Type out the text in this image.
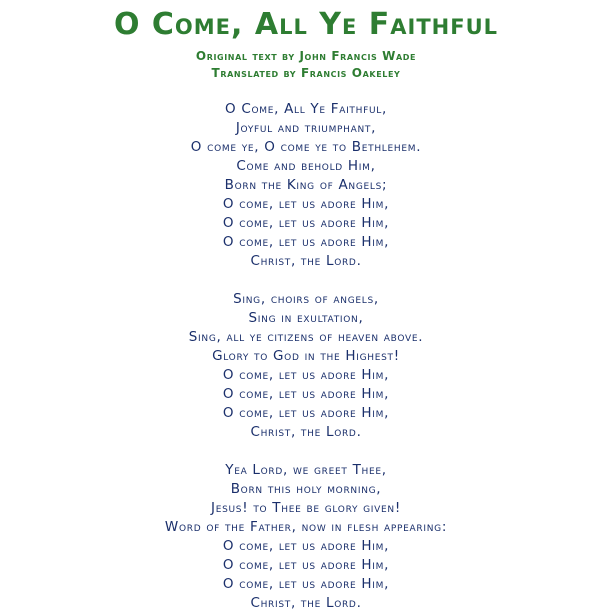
O Come, All Ye Faithful
Original text by John Francis Wade
Translated by Francis Oakeley
O Come, All Ye Faithful,
Joyful and triumphant,
O come ye, O come ye to Bethlehem.
Come and behold Him,
Born the King of Angels;
O come, let us adore Him,
O come, let us adore Him,
O come, let us adore Him,
Christ, the Lord.
Sing, choirs of angels,
Sing in exultation,
Sing, all ye citizens of heaven above.
Glory to God in the Highest!
O come, let us adore Him,
O come, let us adore Him,
O come, let us adore Him,
Christ, the Lord.
Yea Lord, we greet Thee,
Born this holy morning,
Jesus! to Thee be glory given!
Word of the Father, now in flesh appearing:
O come, let us adore Him,
O come, let us adore Him,
O come, let us adore Him,
Christ, the Lord.
